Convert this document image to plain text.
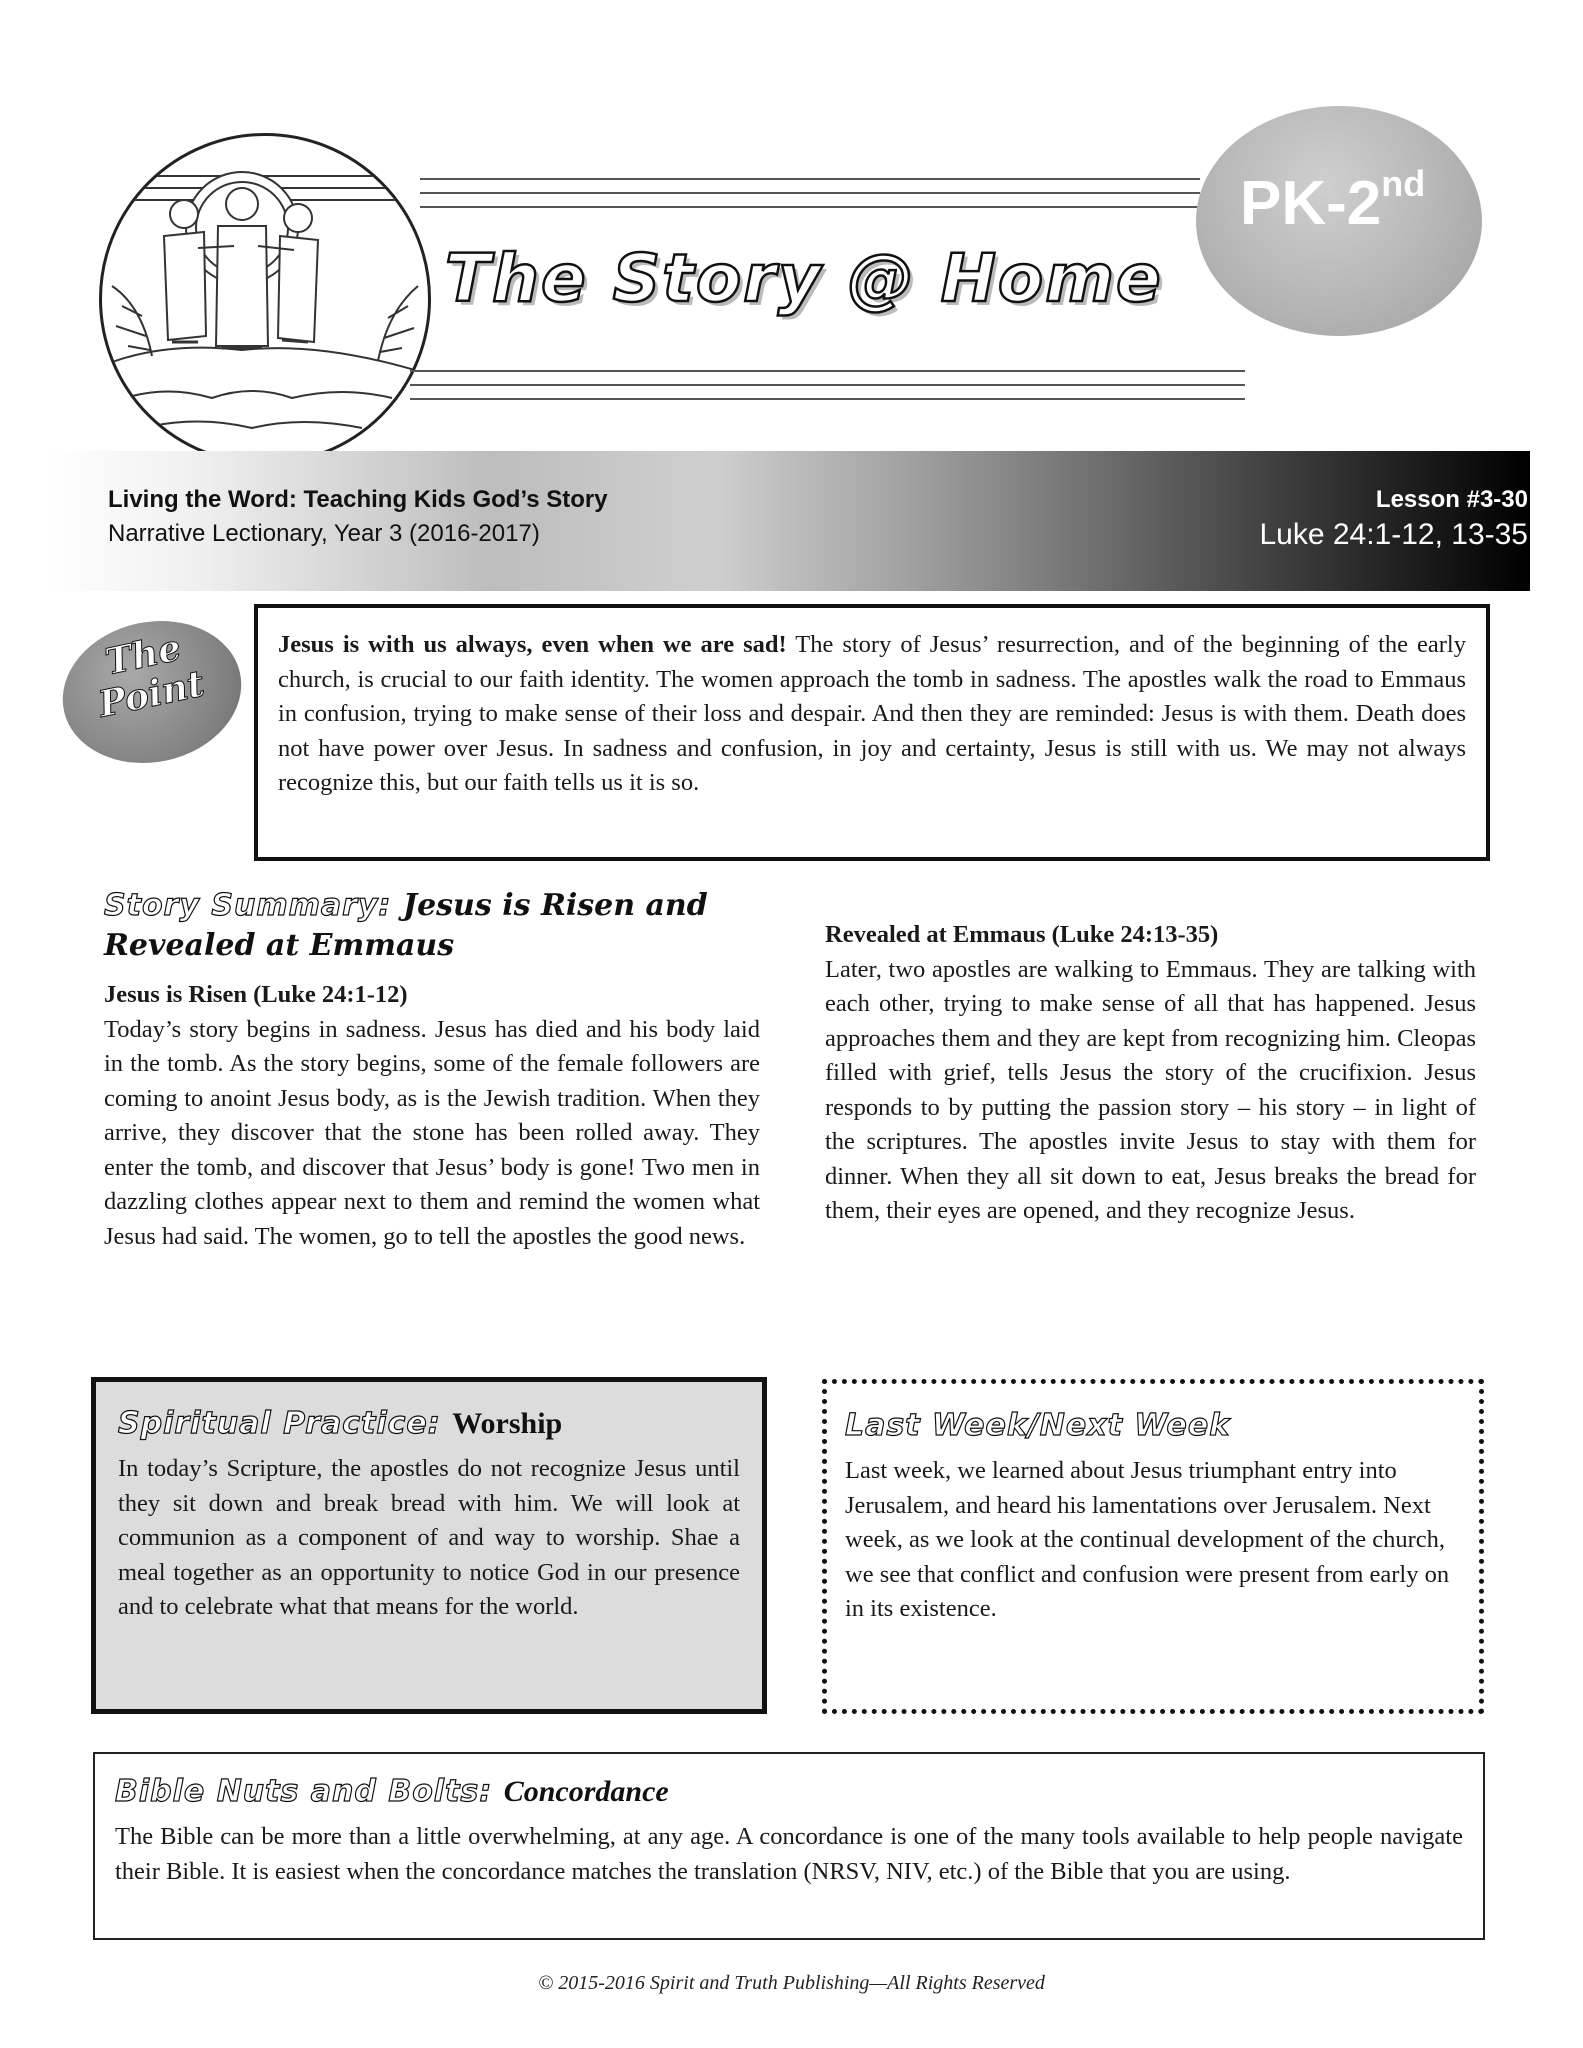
The Story @ Home
PK-2nd
Living the Word: Teaching Kids God’s Story
Narrative Lectionary, Year 3 (2016-2017)
Lesson #3-30
Luke 24:1-12, 13-35
The Point
Jesus is with us always, even when we are sad! The story of Jesus’ resurrection, and of the beginning of the early church, is crucial to our faith identity. The women approach the tomb in sadness. The apostles walk the road to Emmaus in confusion, trying to make sense of their loss and despair. And then they are reminded: Jesus is with them. Death does not have power over Jesus. In sadness and confusion, in joy and certainty, Jesus is still with us. We may not always recognize this, but our faith tells us it is so.
Story Summary: Jesus is Risen and Revealed at Emmaus
Jesus is Risen (Luke 24:1-12)
Today’s story begins in sadness. Jesus has died and his body laid in the tomb. As the story begins, some of the female followers are coming to anoint Jesus body, as is the Jewish tradition. When they arrive, they discover that the stone has been rolled away. They enter the tomb, and discover that Jesus’ body is gone! Two men in dazzling clothes appear next to them and remind the women what Jesus had said. The women, go to tell the apostles the good news.
Revealed at Emmaus (Luke 24:13-35)
Later, two apostles are walking to Emmaus. They are talking with each other, trying to make sense of all that has happened. Jesus approaches them and they are kept from recognizing him. Cleopas filled with grief, tells Jesus the story of the crucifixion. Jesus responds to by putting the passion story – his story – in light of the scriptures. The apostles invite Jesus to stay with them for dinner. When they all sit down to eat, Jesus breaks the bread for them, their eyes are opened, and they recognize Jesus.
Spiritual Practice: Worship
In today’s Scripture, the apostles do not recognize Jesus until they sit down and break bread with him. We will look at communion as a component of and way to worship. Shae a meal together as an opportunity to notice God in our presence and to celebrate what that means for the world.
Last Week/Next Week
Last week, we learned about Jesus triumphant entry into Jerusalem, and heard his lamentations over Jerusalem. Next week, as we look at the continual development of the church, we see that conflict and confusion were present from early on in its existence.
Bible Nuts and Bolts: Concordance
The Bible can be more than a little overwhelming, at any age. A concordance is one of the many tools available to help people navigate their Bible. It is easiest when the concordance matches the translation (NRSV, NIV, etc.) of the Bible that you are using.
© 2015-2016 Spirit and Truth Publishing—All Rights Reserved
